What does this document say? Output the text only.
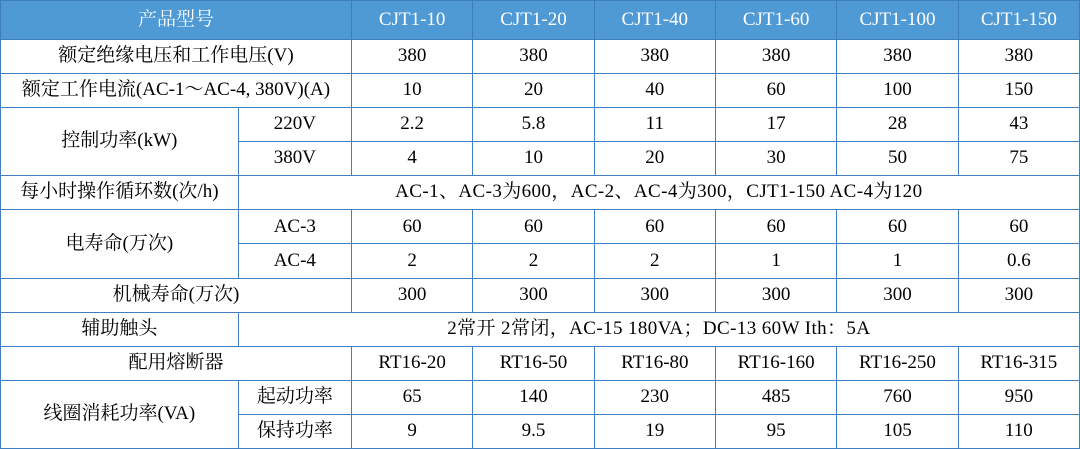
产品型号		CJT1-10	CJT1-20	CJT1-40	CJT1-60	CJT1-100	CJT1-150
额定绝缘电压和工作电压(V)		380	380	380	380	380	380
额定工作电流(AC-1～AC-4, 380V)(A)		10	20	40	60	100	150
控制功率(kW)	220V	2.2	5.8	11	17	28	43
	380V	4	10	20	30	50	75
每小时操作循环数(次/h)	AC-1、AC-3为600，AC-2、AC-4为300，CJT1-150 AC-4为120						
电寿命(万次)	AC-3	60	60	60	60	60	60
	AC-4	2	2	2	1	1	0.6
机械寿命(万次)		300	300	300	300	300	300
辅助触头	2常开 2常闭，AC-15 180VA；DC-13 60W Ith：5A						
配用熔断器		RT16-20	RT16-50	RT16-80	RT16-160	RT16-250	RT16-315
线圈消耗功率(VA)	起动功率	65	140	230	485	760	950
	保持功率	9	9.5	19	95	105	110
